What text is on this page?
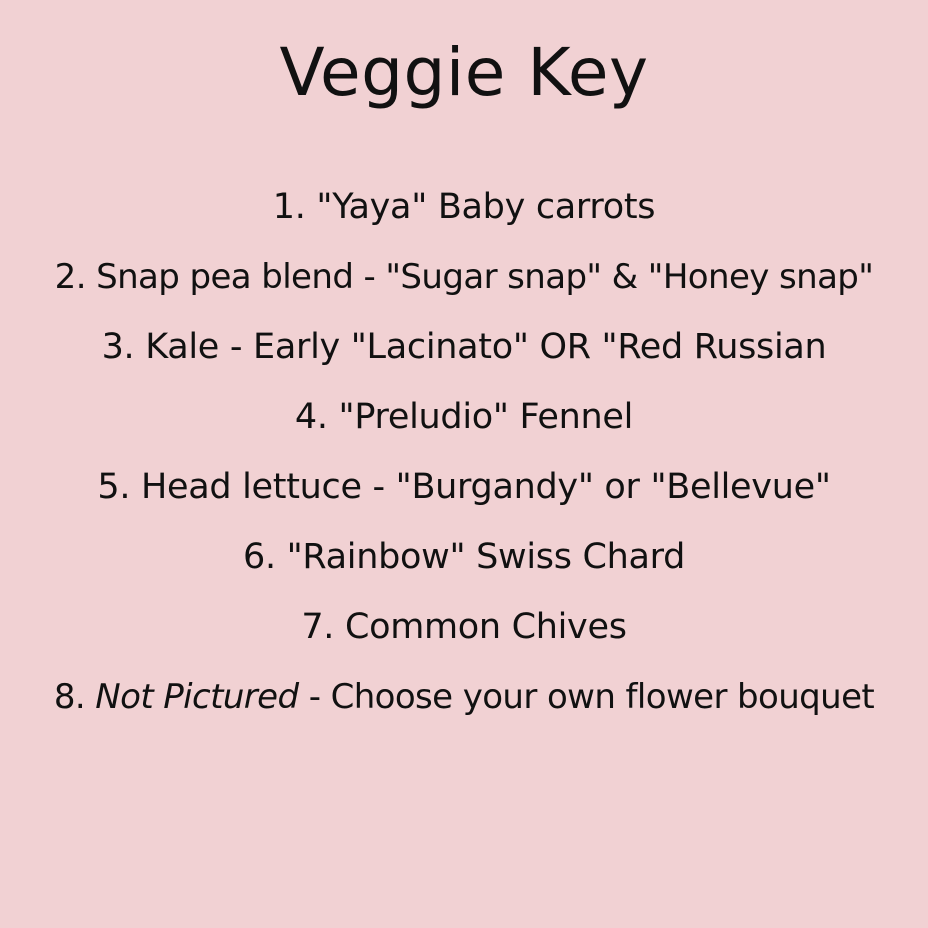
Veggie Key
1. "Yaya" Baby carrots
2. Snap pea blend - "Sugar snap" & "Honey snap"
3. Kale - Early "Lacinato" OR "Red Russian
4. "Preludio" Fennel
5. Head lettuce - "Burgandy" or "Bellevue"
6. "Rainbow" Swiss Chard
7. Common Chives
8. Not Pictured - Choose your own flower bouquet
